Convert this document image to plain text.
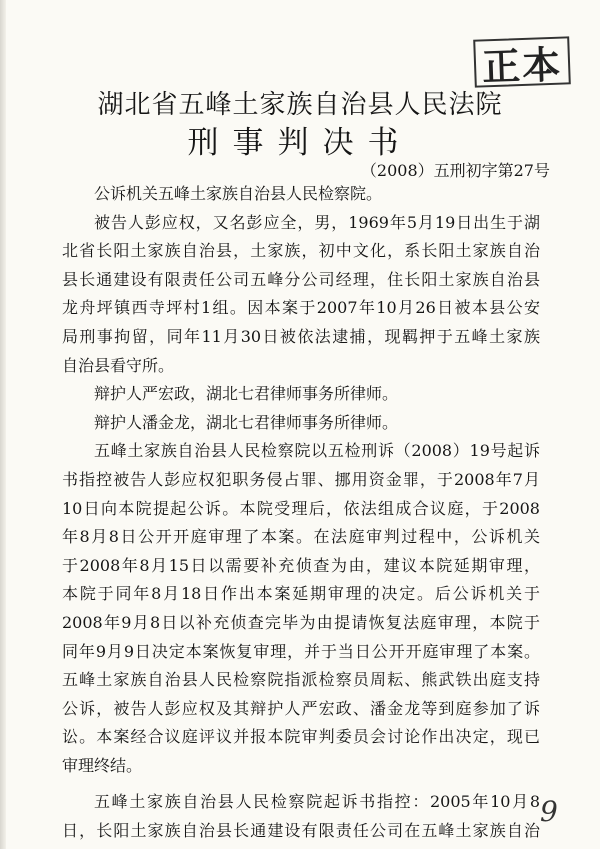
正本
湖北省五峰土家族自治县人民法院
刑事判决书
（2008）五刑初字第27号
公诉机关五峰土家族自治县人民检察院。
被告人彭应权，又名彭应全，男，1969年5月19日出生于湖
北省长阳土家族自治县，土家族，初中文化，系长阳土家族自治
县长通建设有限责任公司五峰分公司经理，住长阳土家族自治县
龙舟坪镇西寺坪村1组。因本案于2007年10月26日被本县公安
局刑事拘留，同年11月30日被依法逮捕，现羁押于五峰土家族
自治县看守所。
辩护人严宏政，湖北七君律师事务所律师。
辩护人潘金龙，湖北七君律师事务所律师。
五峰土家族自治县人民检察院以五检刑诉（2008）19号起诉
书指控被告人彭应权犯职务侵占罪、挪用资金罪，于2008年7月
10日向本院提起公诉。本院受理后，依法组成合议庭，于2008
年8月8日公开开庭审理了本案。在法庭审判过程中，公诉机关
于2008年8月15日以需要补充侦查为由，建议本院延期审理，
本院于同年8月18日作出本案延期审理的决定。后公诉机关于
2008年9月8日以补充侦查完毕为由提请恢复法庭审理，本院于
同年9月9日决定本案恢复审理，并于当日公开开庭审理了本案。
五峰土家族自治县人民检察院指派检察员周耘、熊武铁出庭支持
公诉，被告人彭应权及其辩护人严宏政、潘金龙等到庭参加了诉
讼。本案经合议庭评议并报本院审判委员会讨论作出决定，现已
审理终结。
五峰土家族自治县人民检察院起诉书指控：2005年10月8
日，长阳土家族自治县长通建设有限责任公司在五峰土家族自治
9
